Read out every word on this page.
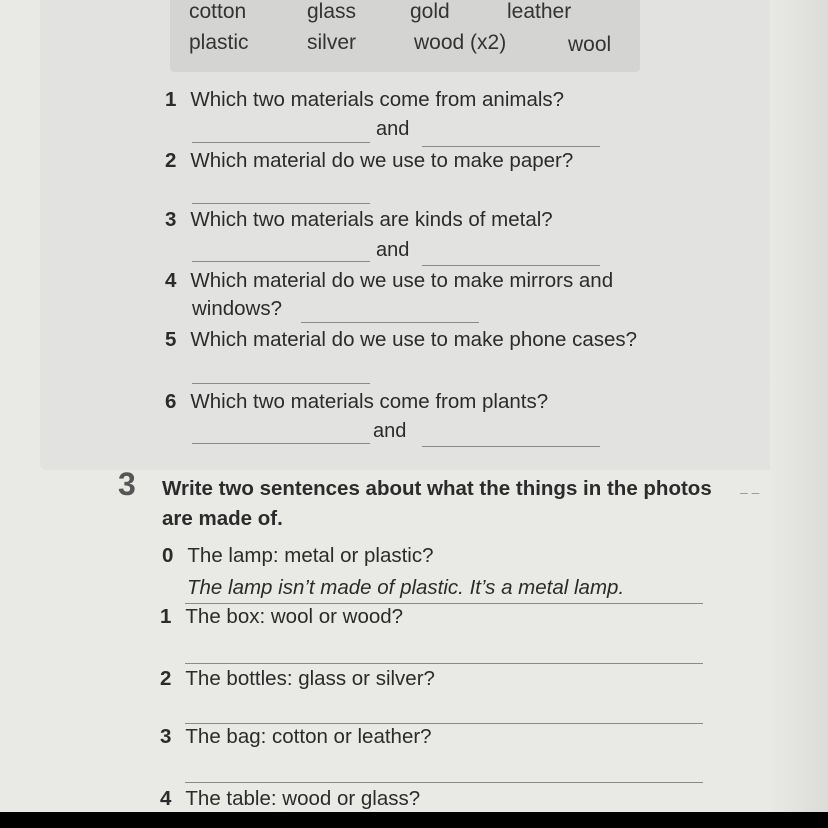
cotton	glass	gold	leather
plastic	silver	wood (x2)	wool
1 Which two materials come from animals?
and
2 Which material do we use to make paper?
3 Which two materials are kinds of metal?
and
4 Which material do we use to make mirrors and
windows?
5 Which material do we use to make phone cases?
6 Which two materials come from plants?
and
3 Write two sentences about what the things in the photos are made of.
‒ ‒
0 The lamp: metal or plastic?
The lamp isn’t made of plastic. It’s a metal lamp.
1 The box: wool or wood?
2 The bottles: glass or silver?
3 The bag: cotton or leather?
4 The table: wood or glass?
